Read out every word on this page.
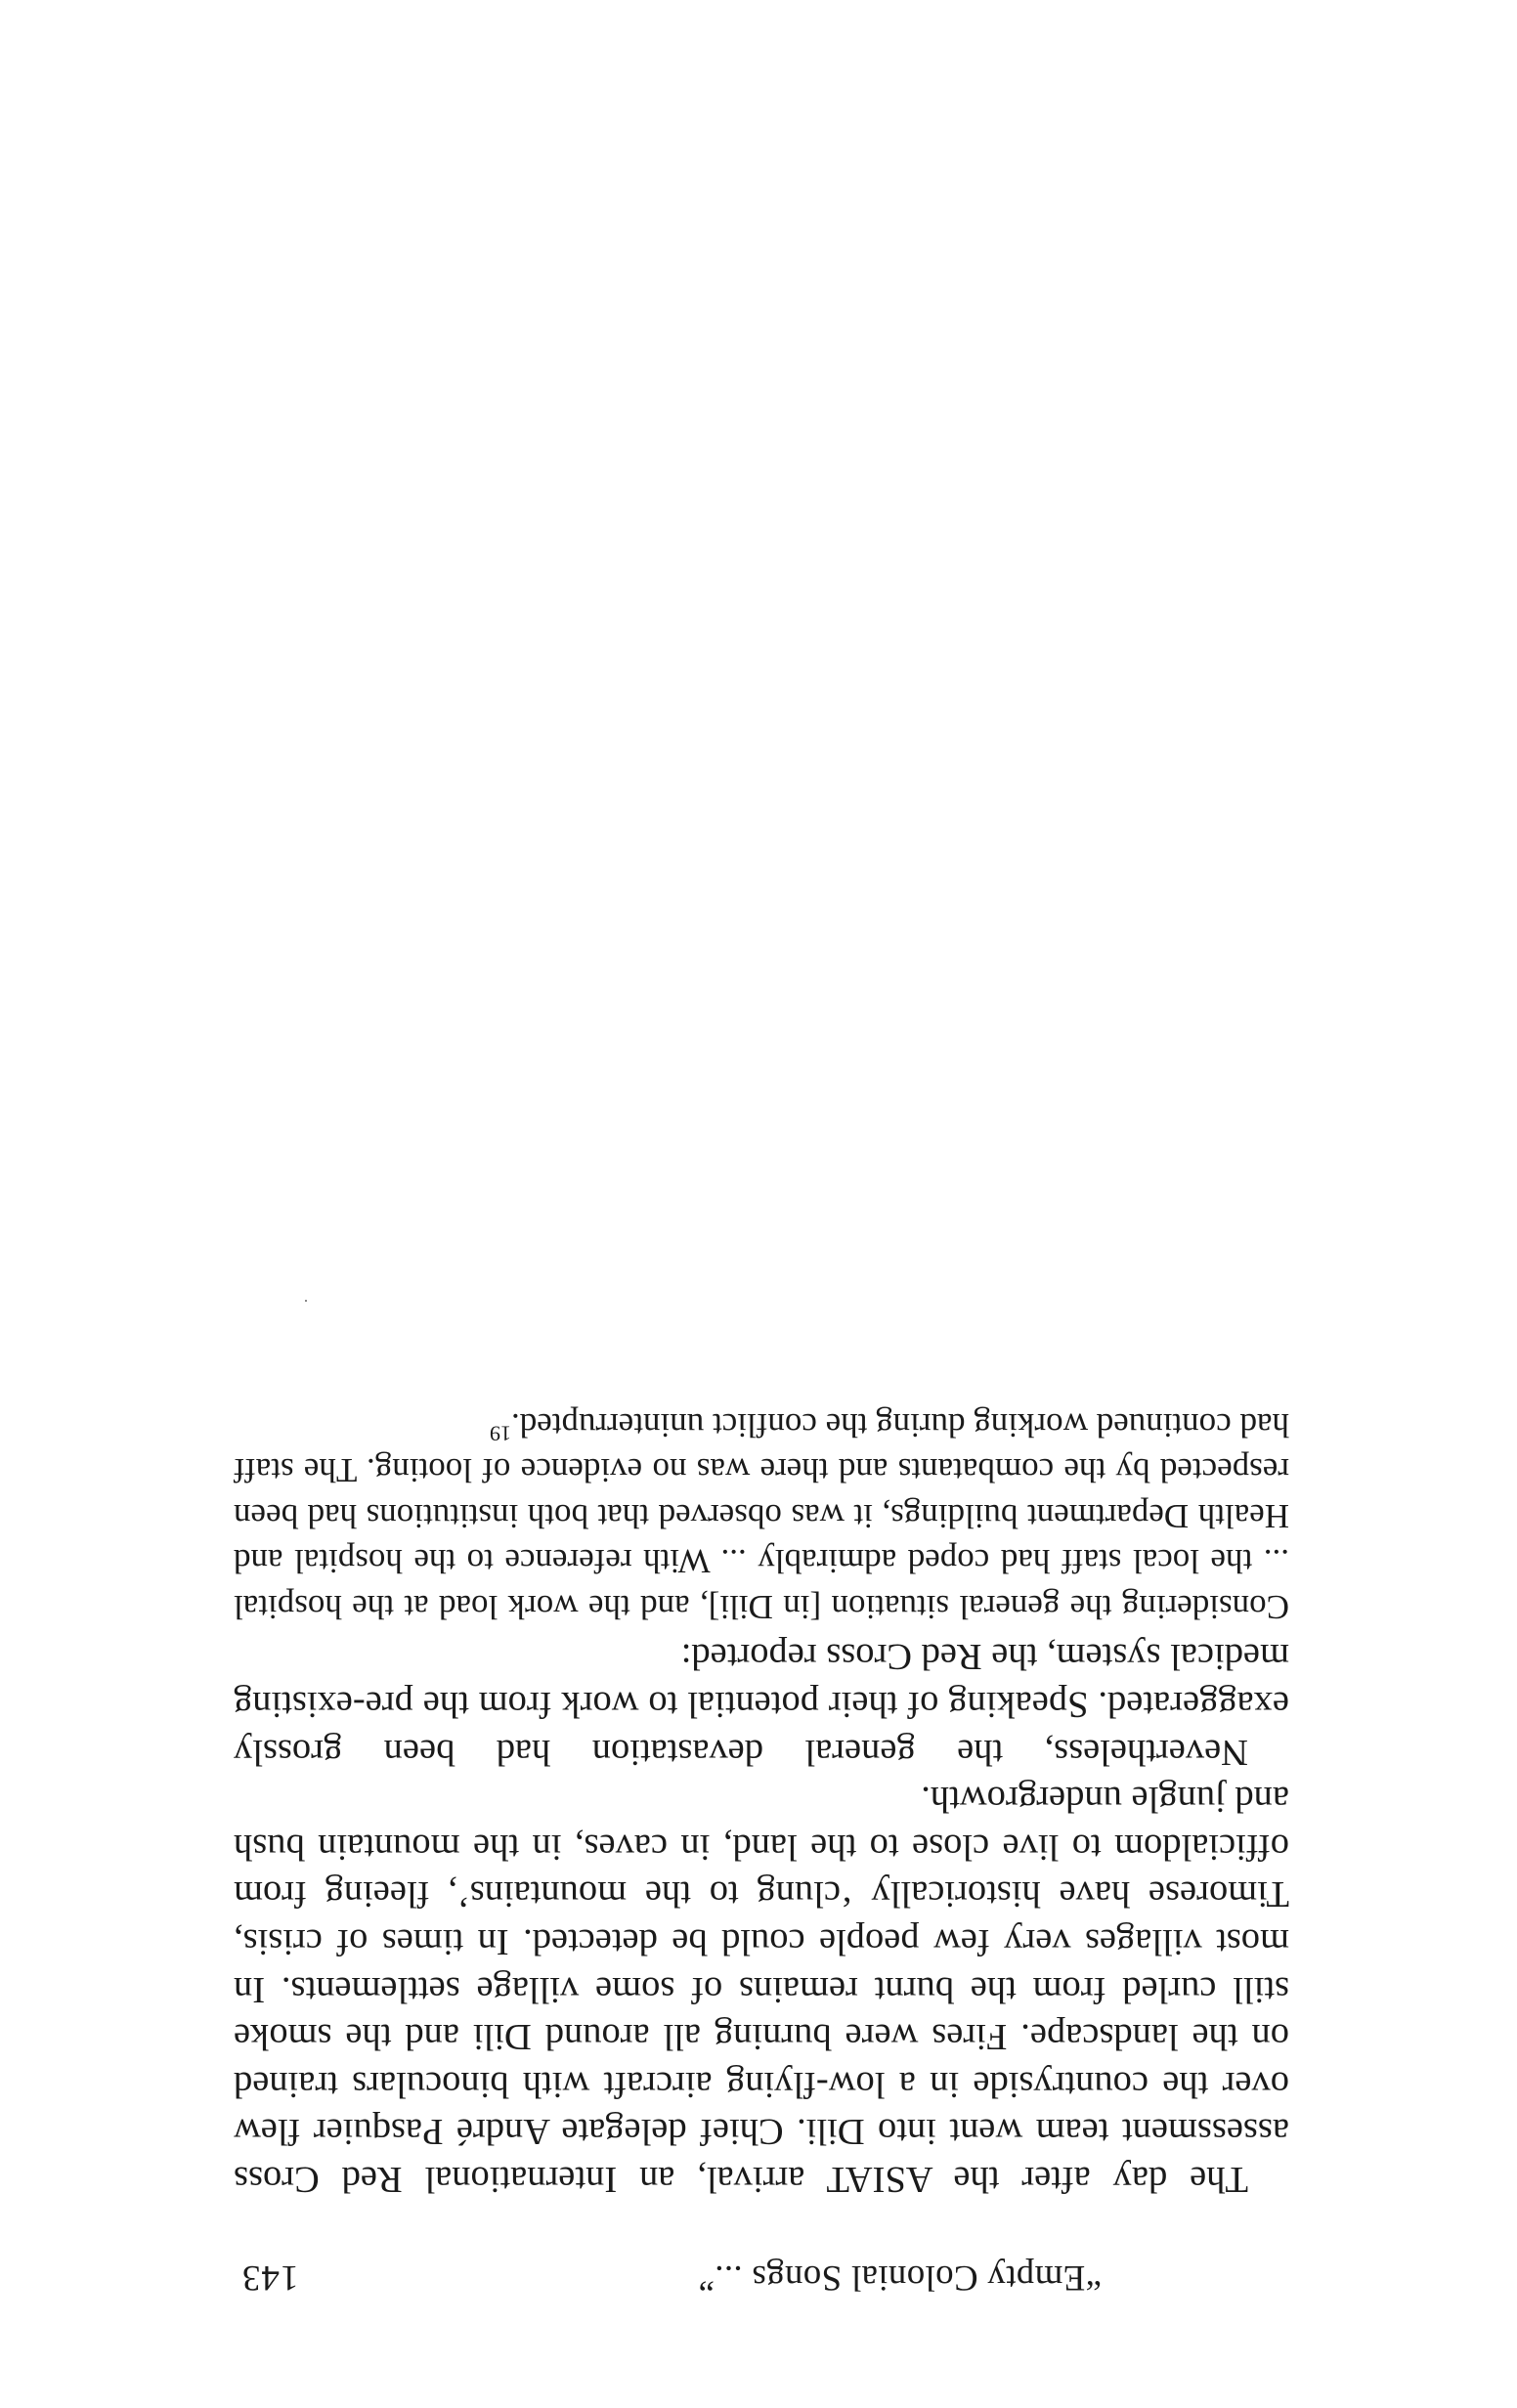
“Empty Colonial Songs ...”
143

The day after the ASIAT arrival, an International Red Cross assessment team went into Dili. Chief delegate André Pasquier flew over the countryside in a low-flying aircraft with binoculars trained on the landscape. Fires were burning all around Dili and the smoke still curled from the burnt remains of some village settlements. In most villages very few people could be detected. In times of crisis, Timorese have historically ‘clung to the mountains’, fleeing from officialdom to live close to the land, in caves, in the mountain bush and jungle undergrowth.

Nevertheless, the general devastation had been grossly exaggerated. Speaking of their potential to work from the pre-existing medical system, the Red Cross reported:

Considering the general situation [in Dili], and the work load at the hospital ... the local staff had coped admirably ... With reference to the hospital and Health Department buildings, it was observed that both institutions had been respected by the combatants and there was no evidence of looting. The staff had continued working during the conflict uninterrupted.$^{19}$
